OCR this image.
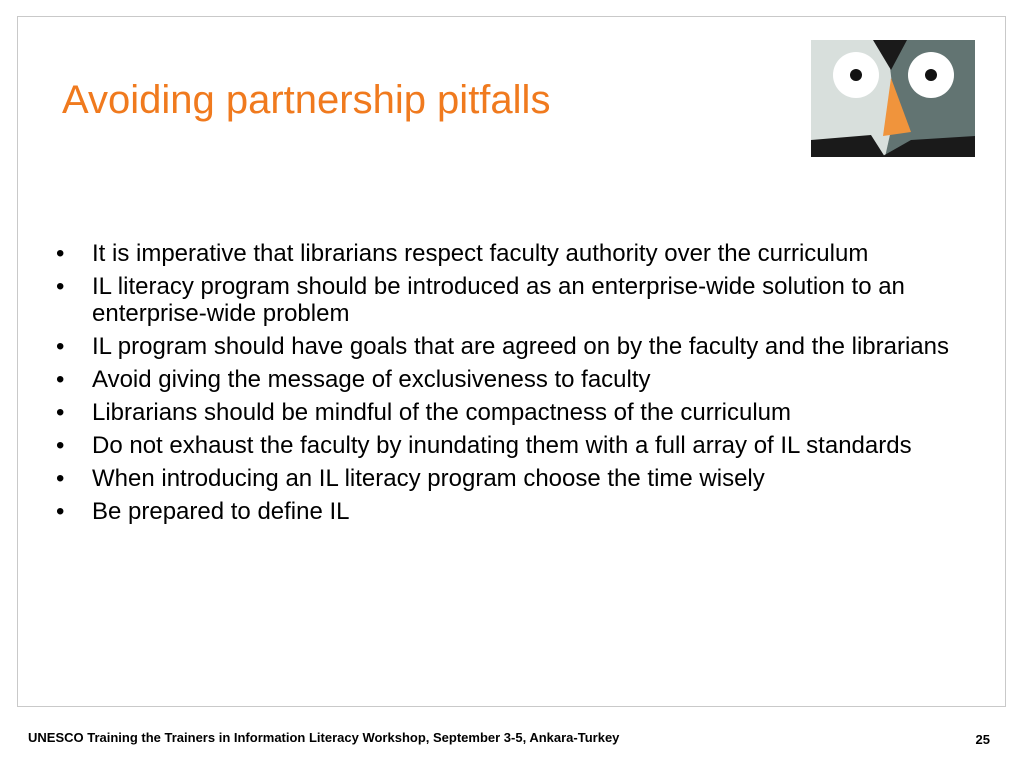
Avoiding partnership pitfalls
•	It is imperative that librarians respect faculty authority over the curriculum
•	IL literacy program should be introduced as an enterprise-wide solution to an enterprise-wide problem
•	IL program should have goals that are agreed on by the faculty and the librarians
•	Avoid giving the message of exclusiveness to faculty
•	Librarians should be mindful of the compactness of the curriculum
•	Do not exhaust the faculty by inundating them with a full array of IL standards
•	When introducing an IL literacy program choose the time wisely
•	Be prepared to define IL
UNESCO Training the Trainers in Information Literacy Workshop, September 3-5, Ankara-Turkey	25
